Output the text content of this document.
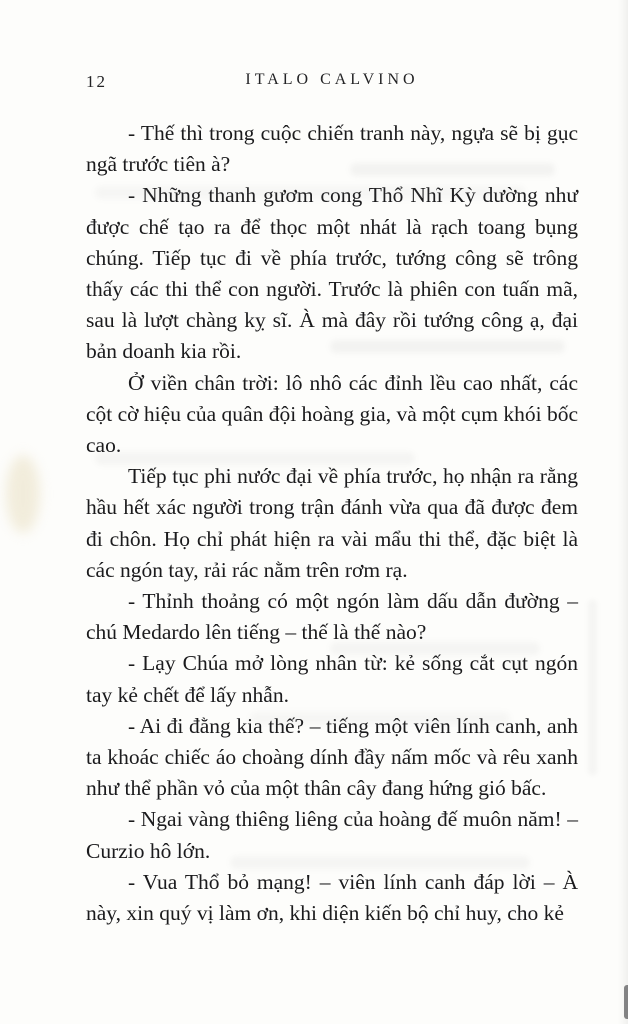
12	ITALO CALVINO

- Thế thì trong cuộc chiến tranh này, ngựa sẽ bị gục ngã trước tiên à?

- Những thanh gươm cong Thổ Nhĩ Kỳ dường như được chế tạo ra để thọc một nhát là rạch toang bụng chúng. Tiếp tục đi về phía trước, tướng công sẽ trông thấy các thi thể con người. Trước là phiên con tuấn mã, sau là lượt chàng kỵ sĩ. À mà đây rồi tướng công ạ, đại bản doanh kia rồi.

Ở viền chân trời: lô nhô các đỉnh lều cao nhất, các cột cờ hiệu của quân đội hoàng gia, và một cụm khói bốc cao.

Tiếp tục phi nước đại về phía trước, họ nhận ra rằng hầu hết xác người trong trận đánh vừa qua đã được đem đi chôn. Họ chỉ phát hiện ra vài mẩu thi thể, đặc biệt là các ngón tay, rải rác nằm trên rơm rạ.

- Thỉnh thoảng có một ngón làm dấu dẫn đường – chú Medardo lên tiếng – thế là thế nào?

- Lạy Chúa mở lòng nhân từ: kẻ sống cắt cụt ngón tay kẻ chết để lấy nhẫn.

- Ai đi đằng kia thế? – tiếng một viên lính canh, anh ta khoác chiếc áo choàng dính đầy nấm mốc và rêu xanh như thể phần vỏ của một thân cây đang hứng gió bấc.

- Ngai vàng thiêng liêng của hoàng đế muôn năm! – Curzio hô lớn.

- Vua Thổ bỏ mạng! – viên lính canh đáp lời – À này, xin quý vị làm ơn, khi diện kiến bộ chỉ huy, cho kẻ
